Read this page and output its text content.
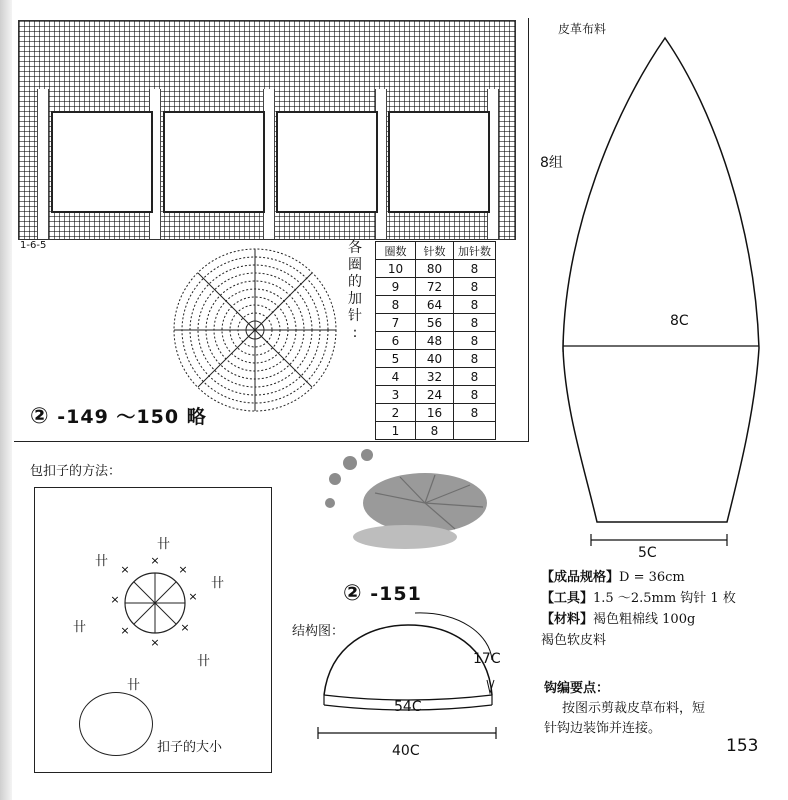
1-6-5	各
圈
的
加
针
:
圈数	针数	加针数
10	80	8
9	72	8
8	64	8
7	56	8
6	48	8
5	40	8
4	32	8
3	24	8
2	16	8
1	8	
② -149 ～150 略
皮革布料
8组
8C
5C
包扣子的方法：
×
×
×
×
×
×
×
×
卄
卄
卄
卄
卄
卄
扣子的大小
② -151
结构图：
54C
40C
17C
【成品规格】D = 36cm
【工具】1.5 ～2.5mm 钩针 1 枚
【材料】褐色粗棉线 100g
褐色软皮料
钩编要点：
按图示剪裁皮草布料，短
针钩边装饰并连接。
153
